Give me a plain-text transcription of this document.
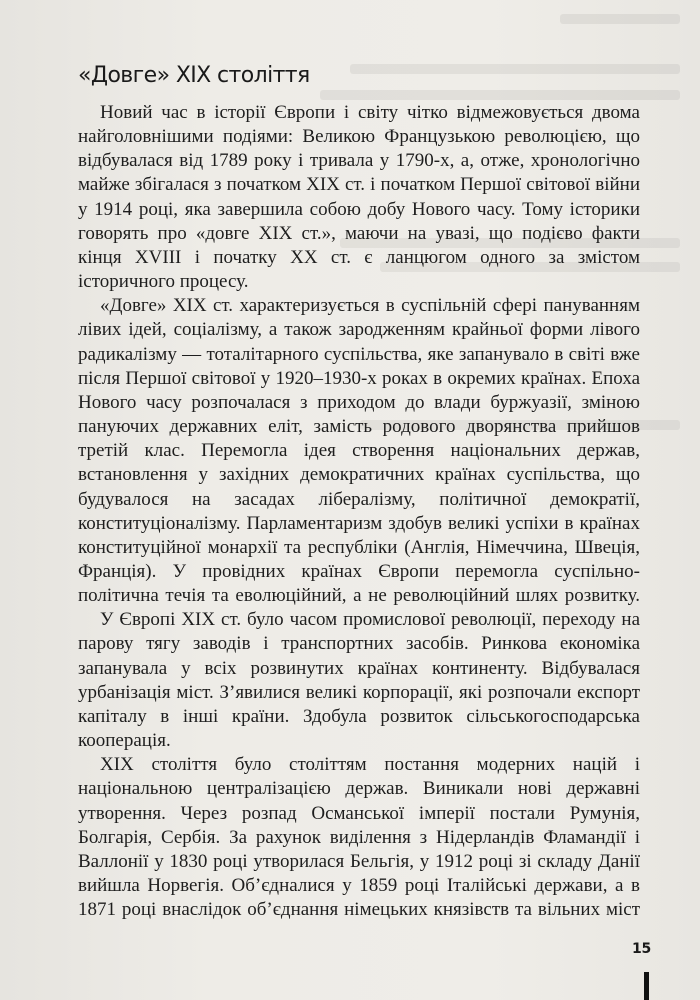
«Довге» XIX століття

Новий час в історії Європи і світу чітко відмежовується двома найголовнішими подіями: Великою Французькою революцією, що відбувалася від 1789 року і тривала у 1790-х, а, отже, хронологічно майже збігалася з початком XIX ст. і початком Першої світової війни у 1914 році, яка завершила собою добу Нового часу. Тому історики говорять про «довге XIX ст.», маючи на увазі, що подієво факти кінця XVIII і початку XX ст. є ланцюгом одного за змістом історичного процесу.

«Довге» XIX ст. характеризується в суспільній сфері пануванням лівих ідей, соціалізму, а також зародженням крайньої форми лівого радикалізму — тоталітарного суспільства, яке запанувало в світі вже після Першої світової у 1920–1930-х роках в окремих країнах. Епоха Нового часу розпочалася з приходом до влади буржуазії, зміною пануючих державних еліт, замість родового дворянства прийшов третій клас. Перемогла ідея створення національних держав, встановлення у західних демократичних країнах суспільства, що будувалося на засадах лібералізму, політичної демократії, конституціоналізму. Парламентаризм здобув великі успіхи в країнах конституційної монархії та республіки (Англія, Німеччина, Швеція, Франція). У провідних країнах Європи перемогла суспільно-політична течія та еволюційний, а не революційний шлях розвитку.

У Європі XIX ст. було часом промислової революції, переходу на парову тягу заводів і транспортних засобів. Ринкова економіка запанувала у всіх розвинутих країнах континенту. Відбувалася урбанізація міст. З’явилися великі корпорації, які розпочали експорт капіталу в інші країни. Здобула розвиток сільськогосподарська кооперація.

XIX століття було століттям постання модерних націй і національною централізацією держав. Виникали нові державні утворення. Через розпад Османської імперії постали Румунія, Болгарія, Сербія. За рахунок виділення з Нідерландів Фламандії і Валлонії у 1830 році утворилася Бельгія, у 1912 році зі складу Данії вийшла Норвегія. Об’єдналися у 1859 році Італійські держави, а в 1871 році внаслідок об’єднання німецьких князівств та вільних міст

15
